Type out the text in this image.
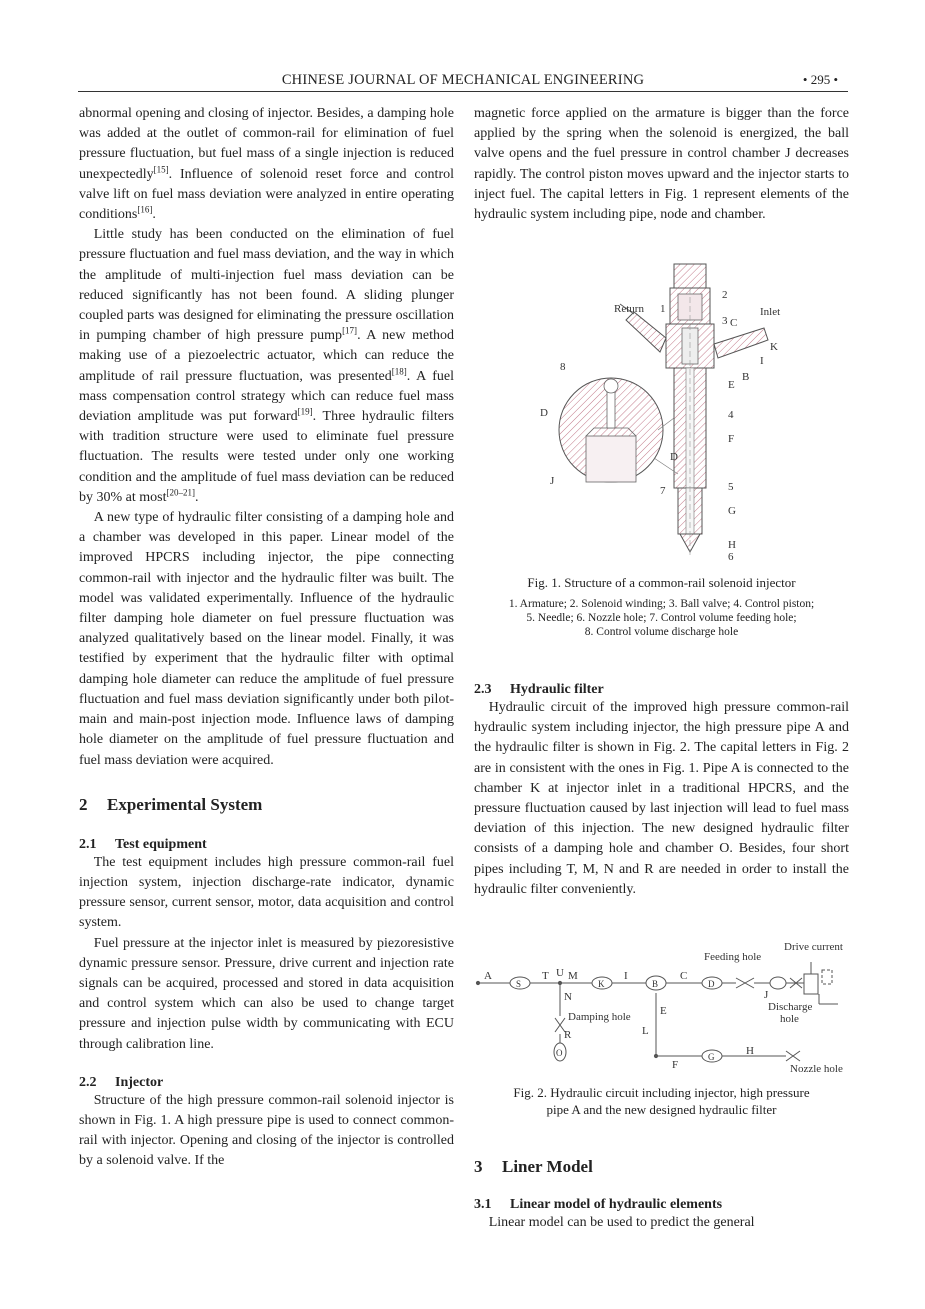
CHINESE JOURNAL OF MECHANICAL ENGINEERING	• 295 •

abnormal opening and closing of injector. Besides, a damping hole was added at the outlet of common-rail for elimination of fuel pressure fluctuation, but fuel mass of a single injection is reduced unexpectedly[15]. Influence of solenoid reset force and control valve lift on fuel mass deviation were analyzed in entire operating conditions[16].

Little study has been conducted on the elimination of fuel pressure fluctuation and fuel mass deviation, and the way in which the amplitude of multi-injection fuel mass deviation can be reduced significantly has not been found. A sliding plunger coupled parts was designed for eliminating the pressure oscillation in pumping chamber of high pressure pump[17]. A new method making use of a piezoelectric actuator, which can reduce the amplitude of rail pressure fluctuation, was presented[18]. A fuel mass compensation control strategy which can reduce fuel mass deviation amplitude was put forward[19]. Three hydraulic filters with tradition structure were used to eliminate fuel pressure fluctuation. The results were tested under only one working condition and the amplitude of fuel mass deviation can be reduced by 30% at most[20–21].

A new type of hydraulic filter consisting of a damping hole and a chamber was developed in this paper. Linear model of the improved HPCRS including injector, the pipe connecting common-rail with injector and the hydraulic filter was built. The model was validated experimentally. Influence of the hydraulic filter damping hole diameter on fuel pressure fluctuation was analyzed qualitatively based on the linear model. Finally, it was testified by experiment that the hydraulic filter with optimal damping hole diameter can reduce the amplitude of fuel pressure fluctuation and fuel mass deviation significantly under both pilot-main and main-post injection mode. Influence laws of damping hole diameter on the amplitude of fuel pressure fluctuation and fuel mass deviation were acquired.

2 Experimental System
2.1 Test equipment

The test equipment includes high pressure common-rail fuel injection system, injection discharge-rate indicator, dynamic pressure sensor, current sensor, motor, data acquisition and control system.

Fuel pressure at the injector inlet is measured by piezoresistive dynamic pressure sensor. Pressure, drive current and injection rate signals can be acquired, processed and stored in data acquisition and control system which can also be used to change target pressure and injection pulse width by communicating with ECU through calibration line.

2.2 Injector

Structure of the high pressure common-rail solenoid injector is shown in Fig. 1. A high pressure pipe is used to connect common-rail with injector. Opening and closing of the injector is controlled by a solenoid valve. If the

magnetic force applied on the armature is bigger than the force applied by the spring when the solenoid is energized, the ball valve opens and the fuel pressure in control chamber J decreases rapidly. The control piston moves upward and the injector starts to inject fuel. The capital letters in Fig. 1 represent elements of the hydraulic system including pipe, node and chamber.

Return 1
2
Inlet
3 C
K
I
B
E
8
4
D
F
D
J
7	5
G
H
6
Fig. 1. Structure of a common-rail solenoid injector
1. Armature; 2. Solenoid winding; 3. Ball valve; 4. Control piston;
5. Needle; 6. Nozzle hole; 7. Control volume feeding hole;
8. Control volume discharge hole
2.3 Hydraulic filter

Hydraulic circuit of the improved high pressure common-rail hydraulic system including injector, the high pressure pipe A and the hydraulic filter is shown in Fig. 2. The capital letters in Fig. 2 are in consistent with the ones in Fig. 1. Pipe A is connected to the chamber K at injector inlet in a traditional HPCRS, and the pressure fluctuation caused by last injection will lead to fuel mass deviation of this injection. The new designed hydraulic filter consists of a damping hole and chamber O. Besides, four short pipes including T, M, N and R are needed in order to install the hydraulic filter conveniently.

A
S
T U M
K
I
B
C
D
N
Damping hole
R
O
E
L
F
G	H
Feeding hole
Drive current
J
Discharge
hole
Nozzle hole
Fig. 2. Hydraulic circuit including injector, high pressure
pipe A and the new designed hydraulic filter
3 Liner Model
3.1 Linear model of hydraulic elements

Linear model can be used to predict the general
